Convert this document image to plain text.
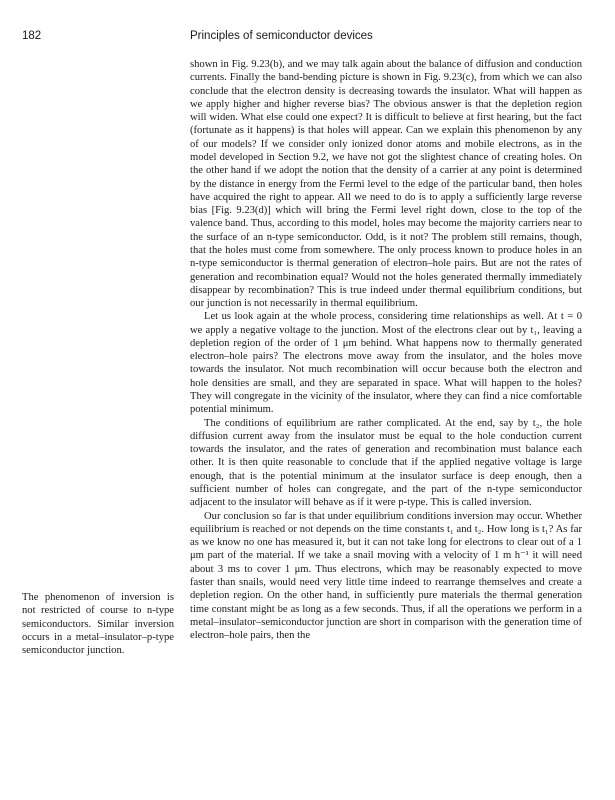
182	Principles of semiconductor devices

shown in Fig. 9.23(b), and we may talk again about the balance of diffusion and conduction currents. Finally the band-bending picture is shown in Fig. 9.23(c), from which we can also conclude that the electron density is decreasing towards the insulator. What will happen as we apply higher and higher reverse bias? The obvious answer is that the depletion region will widen. What else could one expect? It is difficult to believe at first hearing, but the fact (fortunate as it happens) is that holes will appear. Can we explain this phenomenon by any of our models? If we consider only ionized donor atoms and mobile electrons, as in the model developed in Section 9.2, we have not got the slightest chance of creating holes. On the other hand if we adopt the notion that the density of a carrier at any point is determined by the distance in energy from the Fermi level to the edge of the particular band, then holes have acquired the right to appear. All we need to do is to apply a sufficiently large reverse bias [Fig. 9.23(d)] which will bring the Fermi level right down, close to the top of the valence band. Thus, according to this model, holes may become the majority carriers near to the surface of an n-type semiconductor. Odd, is it not? The problem still remains, though, that the holes must come from somewhere. The only process known to produce holes in an n-type semiconductor is thermal generation of electron–hole pairs. But are not the rates of generation and recombination equal? Would not the holes generated thermally immediately disappear by recombination? This is true indeed under thermal equilibrium conditions, but our junction is not necessarily in thermal equilibrium.

Let us look again at the whole process, considering time relationships as well. At t = 0 we apply a negative voltage to the junction. Most of the electrons clear out by t₁, leaving a depletion region of the order of 1 μm behind. What happens now to thermally generated electron–hole pairs? The electrons move away from the insulator, and the holes move towards the insulator. Not much recombination will occur because both the electron and hole densities are small, and they are separated in space. What will happen to the holes? They will congregate in the vicinity of the insulator, where they can find a nice comfortable potential minimum.

The conditions of equilibrium are rather complicated. At the end, say by t₂, the hole diffusion current away from the insulator must be equal to the hole conduction current towards the insulator, and the rates of generation and recombination must balance each other. It is then quite reasonable to conclude that if the applied negative voltage is large enough, that is the potential minimum at the insulator surface is deep enough, then a sufficient number of holes can congregate, and the part of the n-type semiconductor adjacent to the insulator will behave as if it were p-type. This is called inversion.

Our conclusion so far is that under equilibrium conditions inversion may occur. Whether equilibrium is reached or not depends on the time constants t₁ and t₂. How long is t₁? As far as we know no one has measured it, but it can not take long for electrons to clear out of a 1 μm part of the material. If we take a snail moving with a velocity of 1 m h⁻¹ it will need about 3 ms to cover 1 μm. Thus electrons, which may be reasonably expected to move faster than snails, would need very little time indeed to rearrange themselves and create a depletion region. On the other hand, in sufficiently pure materials the thermal generation time constant might be as long as a few seconds. Thus, if all the operations we perform in a metal–insulator–semiconductor junction are short in comparison with the generation time of electron–hole pairs, then the

The phenomenon of inversion is not restricted of course to n-type semiconductors. Similar inversion occurs in a metal–insulator–p-type semiconductor junction.
